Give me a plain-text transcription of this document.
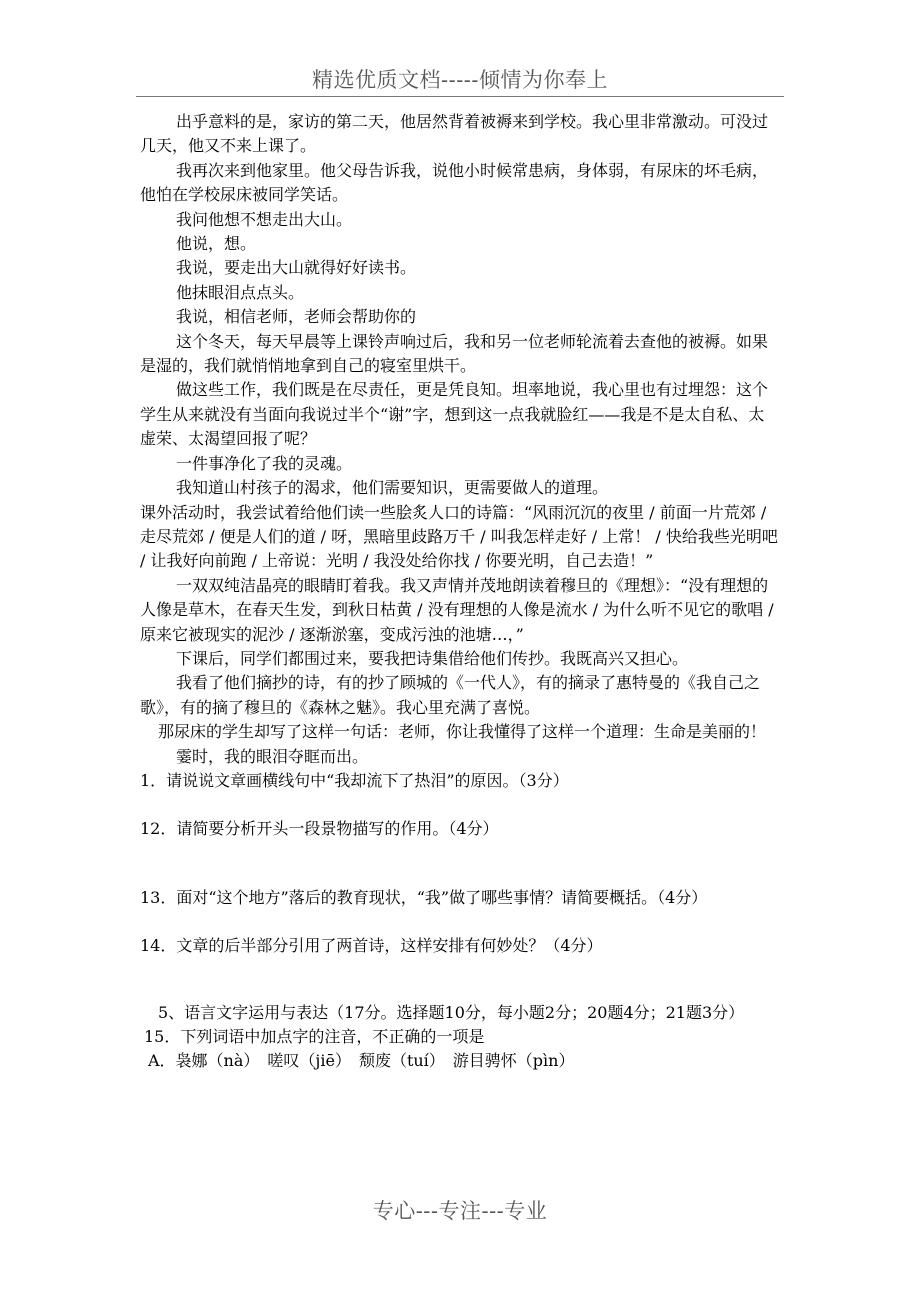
精选优质文档-----倾情为你奉上

出乎意料的是，家访的第二天，他居然背着被褥来到学校。我心里非常激动。可没过几天，他又不来上课了。

我再次来到他家里。他父母告诉我，说他小时候常患病，身体弱，有尿床的坏毛病，他怕在学校尿床被同学笑话。

我问他想不想走出大山。

他说，想。

我说，要走出大山就得好好读书。

他抹眼泪点点头。

我说，相信老师，老师会帮助你的

这个冬天，每天早晨等上课铃声响过后，我和另一位老师轮流着去查他的被褥。如果是湿的，我们就悄悄地拿到自己的寝室里烘干。

做这些工作，我们既是在尽责任，更是凭良知。坦率地说，我心里也有过埋怨：这个学生从来就没有当面向我说过半个“谢”字，想到这一点我就脸红——我是不是太自私、太虚荣、太渴望回报了呢？

一件事净化了我的灵魂。

我知道山村孩子的渴求，他们需要知识，更需要做人的道理。

课外活动时，我尝试着给他们读一些脍炙人口的诗篇：“风雨沉沉的夜里 / 前面一片荒郊 / 走尽荒郊 / 便是人们的道 / 呀，黑暗里歧路万千 / 叫我怎样走好 / 上常！ / 快给我些光明吧 / 让我好向前跑 / 上帝说：光明 / 我没处给你找 / 你要光明，自己去造！”

一双双纯洁晶亮的眼睛盯着我。我又声情并茂地朗读着穆旦的《理想》：“没有理想的人像是草木，在春天生发，到秋日枯黄 / 没有理想的人像是流水 / 为什么听不见它的歌唱 / 原来它被现实的泥沙 / 逐渐淤塞，变成污浊的池塘…，”

下课后，同学们都围过来，要我把诗集借给他们传抄。我既高兴又担心。

我看了他们摘抄的诗，有的抄了顾城的《一代人》，有的摘录了惠特曼的《我自己之歌》，有的摘了穆旦的《森林之魅》。我心里充满了喜悦。

那尿床的学生却写了这样一句话：老师，你让我懂得了这样一个道理：生命是美丽的！

霎时，我的眼泪夺眶而出。

1．请说说文章画横线句中“我却流下了热泪”的原因。（3分）

12．请简要分析开头一段景物描写的作用。（4分）

13．面对“这个地方”落后的教育现状，“我”做了哪些事情？请简要概括。（4分）

14．文章的后半部分引用了两首诗，这样安排有何妙处？（4分）

5、语言文字运用与表达（17分。选择题10分，每小题2分；20题4分；21题3分）

15．下列词语中加点字的注音，不正确的一项是

A．袅娜（nà）　嗟叹（jiē）　颓废（tuí）　游目骋怀（pìn）

专心---专注---专业
